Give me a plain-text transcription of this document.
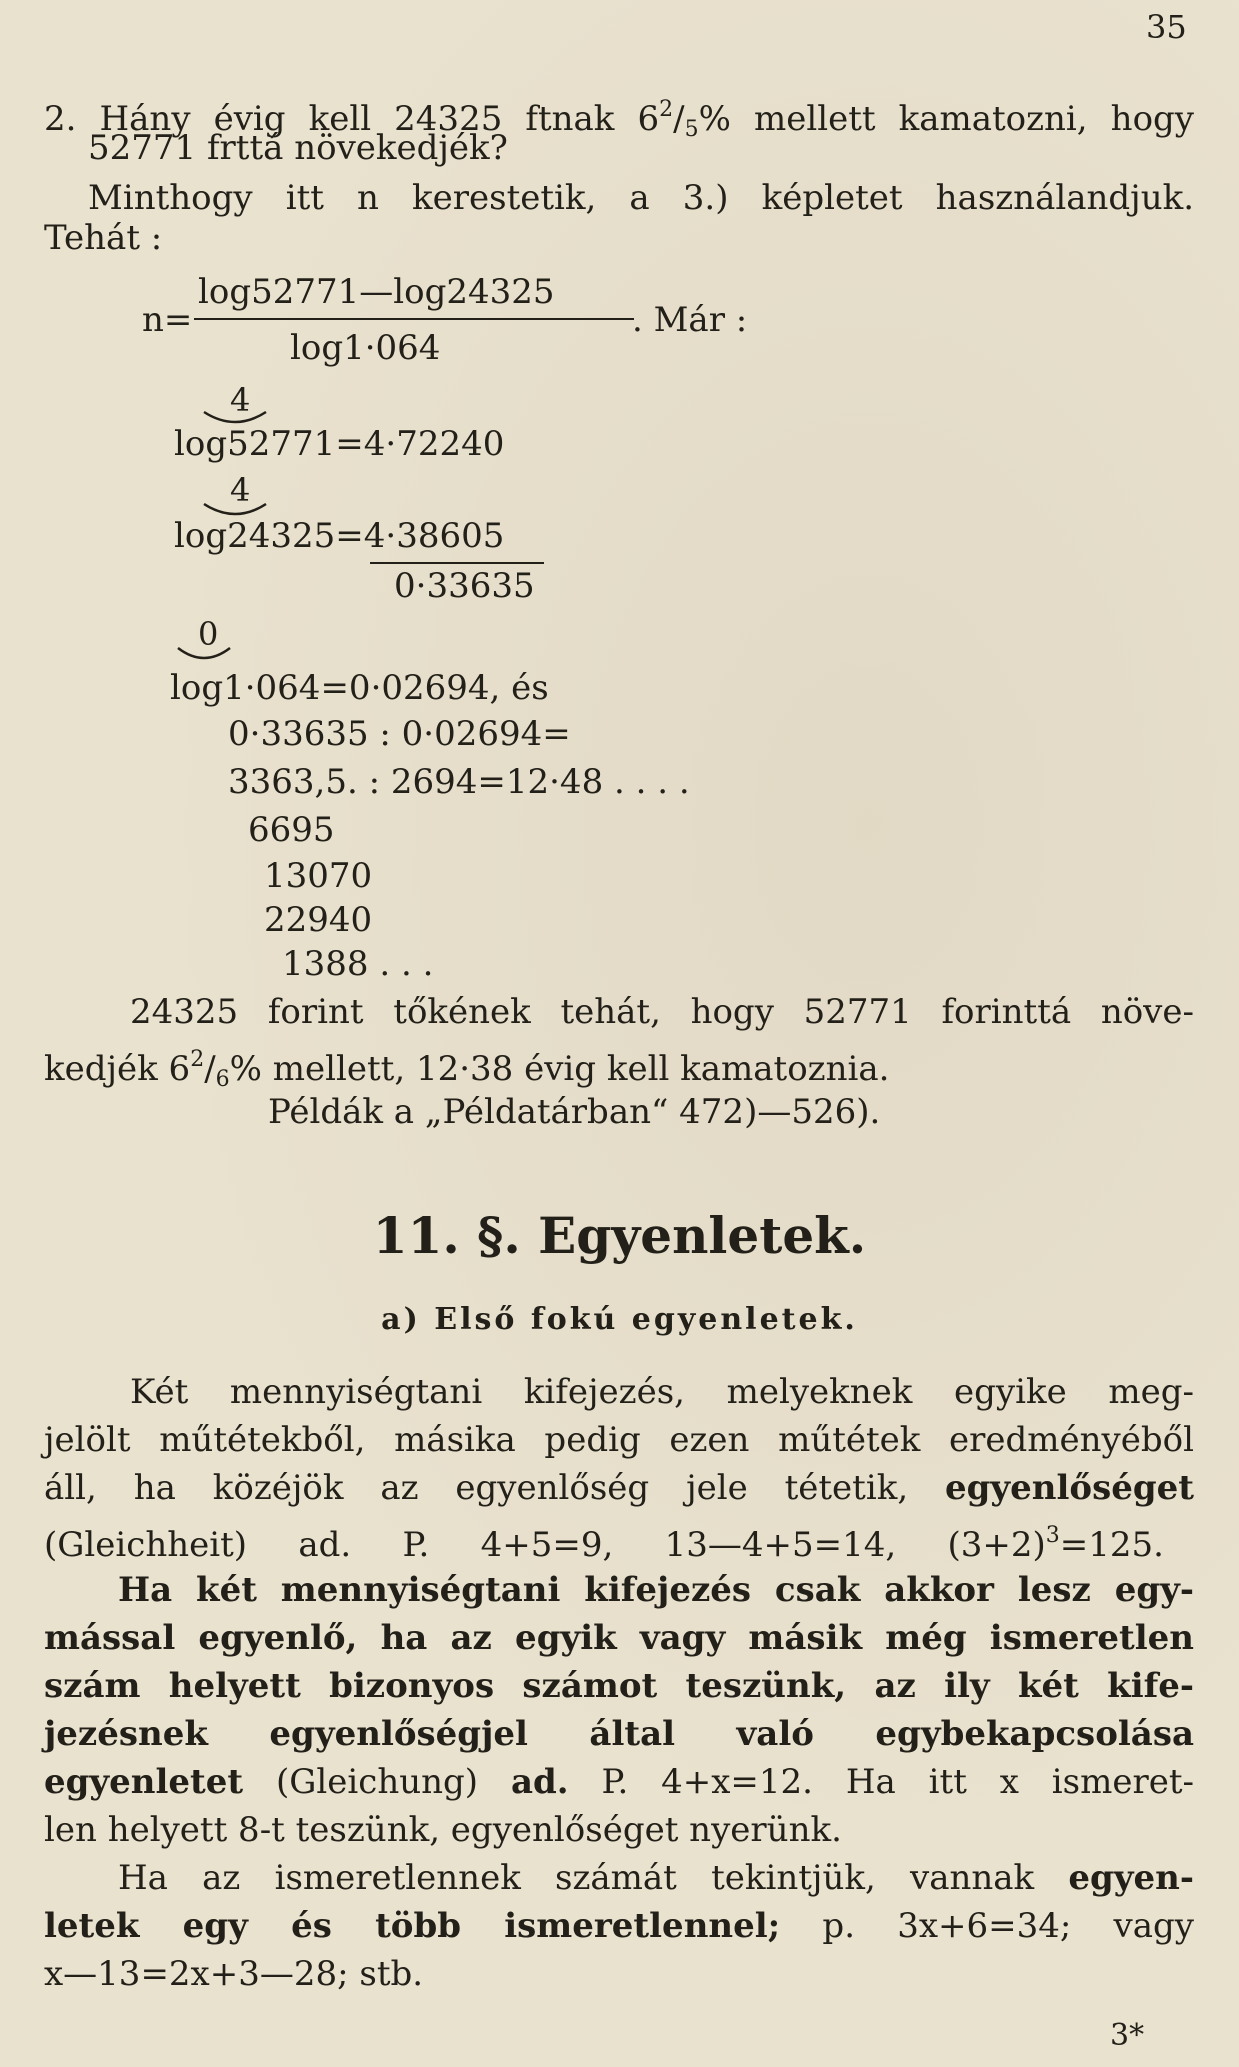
35
2. Hány évig kell 24325 ftnak $6^2/_5\%$ mellett kamatozni, hogy
52771 frttá növekedjék?
Minthogy itt n kerestetik, a 3.) képletet használandjuk.
Tehát :
n=
log52771—log24325
log1·064
. Már :
4
log52771=4·72240
4
log24325=4·38605
0·33635
0
log1·064=0·02694, és
0·33635 : 0·02694=
3363,5. : 2694=12·48 . . . .
6695
13070
22940
1388 . . .
24325 forint tőkének tehát, hogy 52771 forinttá növe-
kedjék $6^2/_6\%$ mellett, 12·38 évig kell kamatoznia.
Példák a „Példatárban“ 472)—526).
11. §. Egyenletek.
a) Első fokú egyenletek.
Két mennyiségtani kifejezés, melyeknek egyike meg-
jelölt műtétekből, másika pedig ezen műtétek eredményéből
áll, ha közéjök az egyenlőség jele tétetik, egyenlőséget
(Gleichheit) ad. P. 4+5=9, 13—4+5=14, $(3+2)^3=125$.
Ha két mennyiségtani kifejezés csak akkor lesz egy-
mással egyenlő, ha az egyik vagy másik még ismeretlen
szám helyett bizonyos számot teszünk, az ily két kife-
jezésnek egyenlőségjel által való egybekapcsolása
egyenletet (Gleichung) ad. P. 4+x=12. Ha itt x ismeret-
len helyett 8-t teszünk, egyenlőséget nyerünk.
Ha az ismeretlennek számát tekintjük, vannak egyen-
letek egy és több ismeretlennel; p. 3x+6=34; vagy
x—13=2x+3—28; stb.
3*
